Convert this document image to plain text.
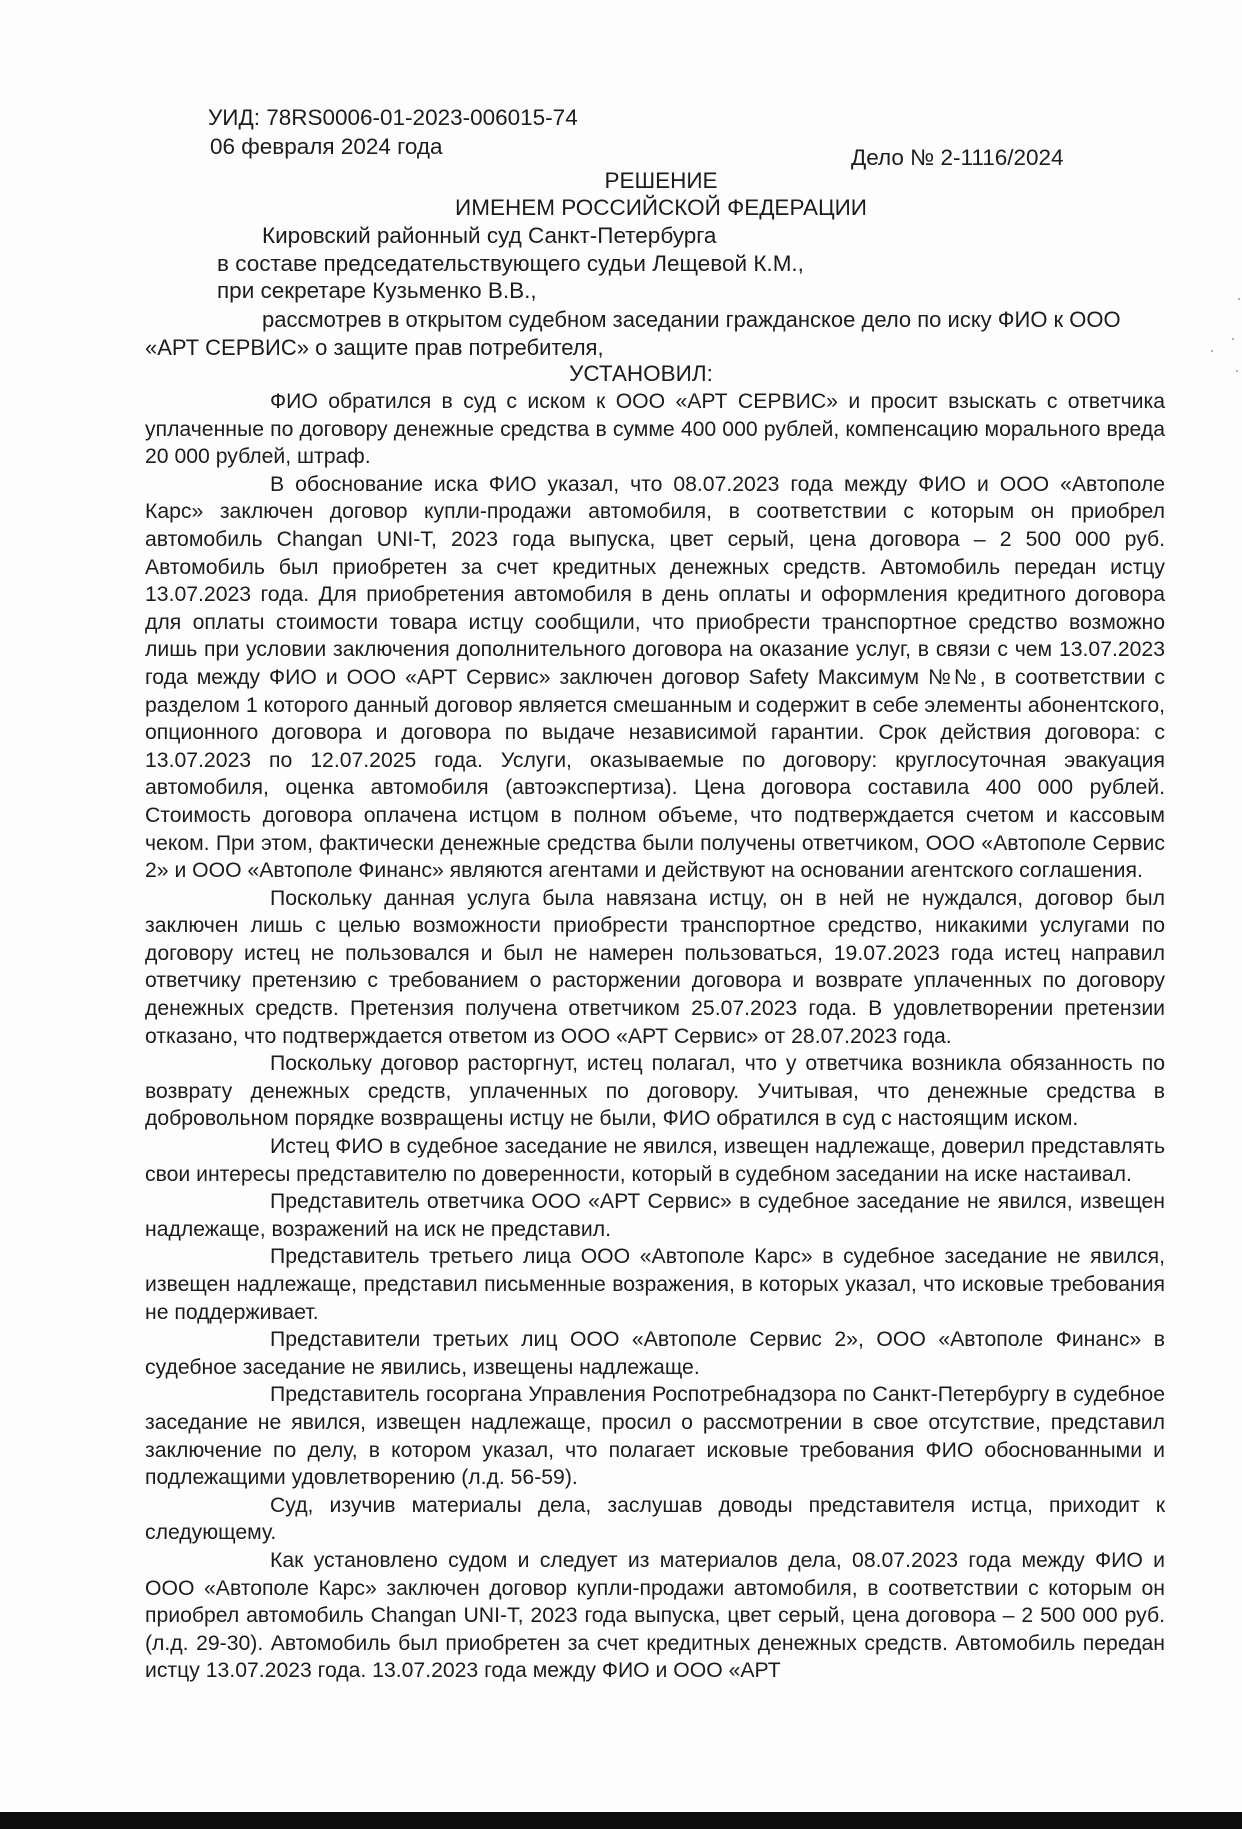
УИД: 78RS0006-01-2023-006015-74
06 февраля 2024 года	Дело № 2-1116/2024
РЕШЕНИЕ
ИМЕНЕМ РОССИЙСКОЙ ФЕДЕРАЦИИ
Кировский районный суд Санкт-Петербурга
в составе председательствующего судьи Лещевой К.М.,
при секретаре Кузьменко В.В.,
рассмотрев в открытом судебном заседании гражданское дело по иску ФИО к ООО
«АРТ СЕРВИС» о защите прав потребителя,
УСТАНОВИЛ:

ФИО обратился в суд с иском к ООО «АРТ СЕРВИС» и просит взыскать с ответчика уплаченные по договору денежные средства в сумме 400 000 рублей, компенсацию морального вреда 20 000 рублей, штраф.

В обоснование иска ФИО указал, что 08.07.2023 года между ФИО и ООО «Автополе Карс» заключен договор купли-продажи автомобиля, в соответствии с которым он приобрел автомобиль Changan UNI-T, 2023 года выпуска, цвет серый, цена договора – 2 500 000 руб. Автомобиль был приобретен за счет кредитных денежных средств. Автомобиль передан истцу 13.07.2023 года. Для приобретения автомобиля в день оплаты и оформления кредитного договора для оплаты стоимости товара истцу сообщили, что приобрести транспортное средство возможно лишь при условии заключения дополнительного договора на оказание услуг, в связи с чем 13.07.2023 года между ФИО и ООО «АРТ Сервис» заключен договор Safety Максимум №№, в соответствии с разделом 1 которого данный договор является смешанным и содержит в себе элементы абонентского, опционного договора и договора по выдаче независимой гарантии. Срок действия договора: с 13.07.2023 по 12.07.2025 года. Услуги, оказываемые по договору: круглосуточная эвакуация автомобиля, оценка автомобиля (автоэкспертиза). Цена договора составила 400 000 рублей. Стоимость договора оплачена истцом в полном объеме, что подтверждается счетом и кассовым чеком. При этом, фактически денежные средства были получены ответчиком, ООО «Автополе Сервис 2» и ООО «Автополе Финанс» являются агентами и действуют на основании агентского соглашения.

Поскольку данная услуга была навязана истцу, он в ней не нуждался, договор был заключен лишь с целью возможности приобрести транспортное средство, никакими услугами по договору истец не пользовался и был не намерен пользоваться, 19.07.2023 года истец направил ответчику претензию с требованием о расторжении договора и возврате уплаченных по договору денежных средств. Претензия получена ответчиком 25.07.2023 года. В удовлетворении претензии отказано, что подтверждается ответом из ООО «АРТ Сервис» от 28.07.2023 года.

Поскольку договор расторгнут, истец полагал, что у ответчика возникла обязанность по возврату денежных средств, уплаченных по договору. Учитывая, что денежные средства в добровольном порядке возвращены истцу не были, ФИО обратился в суд с настоящим иском.

Истец ФИО в судебное заседание не явился, извещен надлежаще, доверил представлять свои интересы представителю по доверенности, который в судебном заседании на иске настаивал.

Представитель ответчика ООО «АРТ Сервис» в судебное заседание не явился, извещен надлежаще, возражений на иск не представил.

Представитель третьего лица ООО «Автополе Карс» в судебное заседание не явился, извещен надлежаще, представил письменные возражения, в которых указал, что исковые требования не поддерживает.

Представители третьих лиц ООО «Автополе Сервис 2», ООО «Автополе Финанс» в судебное заседание не явились, извещены надлежаще.

Представитель госоргана Управления Роспотребнадзора по Санкт-Петербургу в судебное заседание не явился, извещен надлежаще, просил о рассмотрении в свое отсутствие, представил заключение по делу, в котором указал, что полагает исковые требования ФИО обоснованными и подлежащими удовлетворению (л.д. 56-59).

Суд, изучив материалы дела, заслушав доводы представителя истца, приходит к следующему.

Как установлено судом и следует из материалов дела, 08.07.2023 года между ФИО и ООО «Автополе Карс» заключен договор купли-продажи автомобиля, в соответствии с которым он приобрел автомобиль Changan UNI-T, 2023 года выпуска, цвет серый, цена договора – 2 500 000 руб. (л.д. 29-30). Автомобиль был приобретен за счет кредитных денежных средств. Автомобиль передан истцу 13.07.2023 года. 13.07.2023 года между ФИО и ООО «АРТ
